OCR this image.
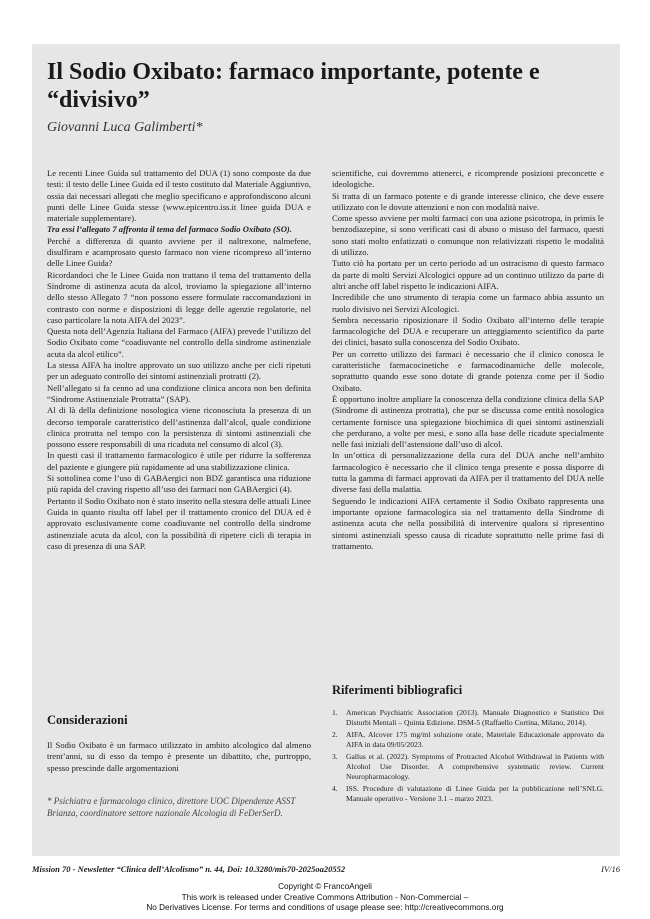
Il Sodio Oxibato: farmaco importante, potente e “divisivo”
Giovanni Luca Galimberti*

Le recenti Linee Guida sul trattamento del DUA (1) sono composte da due testi: il testo delle Linee Guida ed il testo costituto dal Materiale Aggiuntivo, ossia dai necessari allegati che meglio specificano e approfondiscono alcuni punti delle Linee Guida stesse (www.epicentro.iss.it linee guida DUA e materiale supplementare).

Tra essi l’allegato 7 affronta il tema del farmaco Sodio Oxibato (SO).

Perché a differenza di quanto avviene per il naltrexone, nalmefene, disulfiram e acamprosato questo farmaco non viene ricompreso all’interno delle Linee Guida?

Ricordandoci che le Linee Guida non trattano il tema del trattamento della Sindrome di astinenza acuta da alcol, troviamo la spiegazione all’interno dello stesso Allegato 7 “non possono essere formulate raccomandazioni in contrasto con norme e disposizioni di legge delle agenzie regolatorie, nel caso particolare la nota AIFA del 2023”.

Questa nota dell’Agenzia Italiana del Farmaco (AIFA) prevede l’utilizzo del Sodio Oxibato come “coadiuvante nel controllo della sindrome astinenziale acuta da alcol etilico”.

La stessa AIFA ha inoltre approvato un suo utilizzo anche per cicli ripetuti per un adeguato controllo dei sintomi astinenziali protratti (2).

Nell’allegato si fa cenno ad una condizione clinica ancora non ben definita “Sindrome Astinenziale Protratta” (SAP).

Al di là della definizione nosologica viene riconosciuta la presenza di un decorso temporale caratteristico dell’astinenza dall’alcol, quale condizione clinica protratta nel tempo con la persistenza di sintomi astinenziali che possono essere responsabili di una ricaduta nel consumo di alcol (3).

In questi casi il trattamento farmacologico è utile per ridurre la sofferenza del paziente e giungere più rapidamente ad una stabilizzazione clinica.

Si sottolinea come l’uso di GABAergici non BDZ garantisca una riduzione più rapida del craving rispetto all’uso dei farmaci non GABAergici (4).

Pertanto il Sodio Oxibato non è stato inserito nella stesura delle attuali Linee Guida in quanto risulta off label per il trattamento cronico del DUA ed è approvato esclusivamente come coadiuvante nel controllo della sindrome astinenziale acuta da alcol, con la possibilità di ripetere cicli di terapia in caso di presenza di una SAP.

Considerazioni

Il Sodio Oxibato è un farmaco utilizzato in ambito alcologico dal almeno trent’anni, su di esso da tempo è presente un dibattito, che, purtroppo, spesso prescinde dalle argomentazioni

* Psichiatra e farmacologo clinico, direttore UOC Dipendenze ASST Brianza, coordinatore settore nazionale Alcologia di FeDerSerD.

scientifiche, cui dovremmo attenerci, e ricomprende posizioni preconcette e ideologiche.

Si tratta di un farmaco potente e di grande interesse clinico, che deve essere utilizzato con le dovute attenzioni e non con modalità naive.

Come spesso avviene per molti farmaci con una azione psicotropa, in primis le benzodiazepine, si sono verificati casi di abuso o misuso del farmaco, questi sono stati molto enfatizzati o comunque non relativizzati rispetto le modalità di utilizzo.

Tutto ciò ha portato per un certo periodo ad un ostracismo di questo farmaco da parte di molti Servizi Alcologici oppure ad un continuo utilizzo da parte di altri anche off label rispetto le indicazioni AIFA.

Incredibile che uno strumento di terapia come un farmaco abbia assunto un ruolo divisivo nei Servizi Alcologici.

Sembra necessario riposizionare il Sodio Oxibato all’interno delle terapie farmacologiche del DUA e recuperare un atteggiamento scientifico da parte dei clinici, basato sulla conoscenza del Sodio Oxibato.

Per un corretto utilizzo dei farmaci è necessario che il clinico conosca le caratteristiche farmacocinetiche e farmacodinamiche delle molecole, soprattutto quando esse sono dotate di grande potenza come per il Sodio Oxibato.

È opportuno inoltre ampliare la conoscenza della condizione clinica della SAP (Sindrome di astinenza protratta), che pur se discussa come entità nosologica certamente fornisce una spiegazione biochimica di quei sintomi astinenziali che perdurano, a volte per mesi, e sono alla base delle ricadute specialmente nelle fasi iniziali dell’astensione dall’uso di alcol.

In un’ottica di personalizzazione della cura del DUA anche nell’ambito farmacologico è necessario che il clinico tenga presente e possa disporre di tutta la gamma di farmaci approvati da AIFA per il trattamento del DUA nelle diverse fasi della malattia.

Seguendo le indicazioni AIFA certamente il Sodio Oxibato rappresenta una importante opzione farmacologica sia nel trattamento della Sindrome di astinenza acuta che nella possibilità di intervenire qualora si ripresentino sintomi astinenziali spesso causa di ricadute soprattutto nelle prime fasi di trattamento.

Riferimenti bibliografici
1. American Psychiatric Association (2013). Manuale Diagnostico e Statistico Dei Disturbi Mentali – Quinta Edizione. DSM-5 (Raffaello Cortina, Milano, 2014).
2. AIFA, Alcover 175 mg/ml soluzione orale, Materiale Educazionale approvato da AIFA in data 09/05/2023.
3. Gallus et al. (2022). Symptoms of Protracted Alcohol Withdrawal in Patients with Alcohol Use Disorder. A comprehensive systematic review. Current Neuropharmacology.
4. ISS. Procedure di valutazione di Linee Guida per la pubblicazione nell’SNLG. Manuale operativo - Versione 3.1 – marzo 2023.
Mission 70 - Newsletter “Clinica dell’Alcolismo” n. 44, Doi: 10.3280/mis70-2025oa20552	IV/16
Copyright © FrancoAngeli
This work is released under Creative Commons Attribution - Non-Commercial –
No Derivatives License. For terms and conditions of usage please see: http://creativecommons.org
